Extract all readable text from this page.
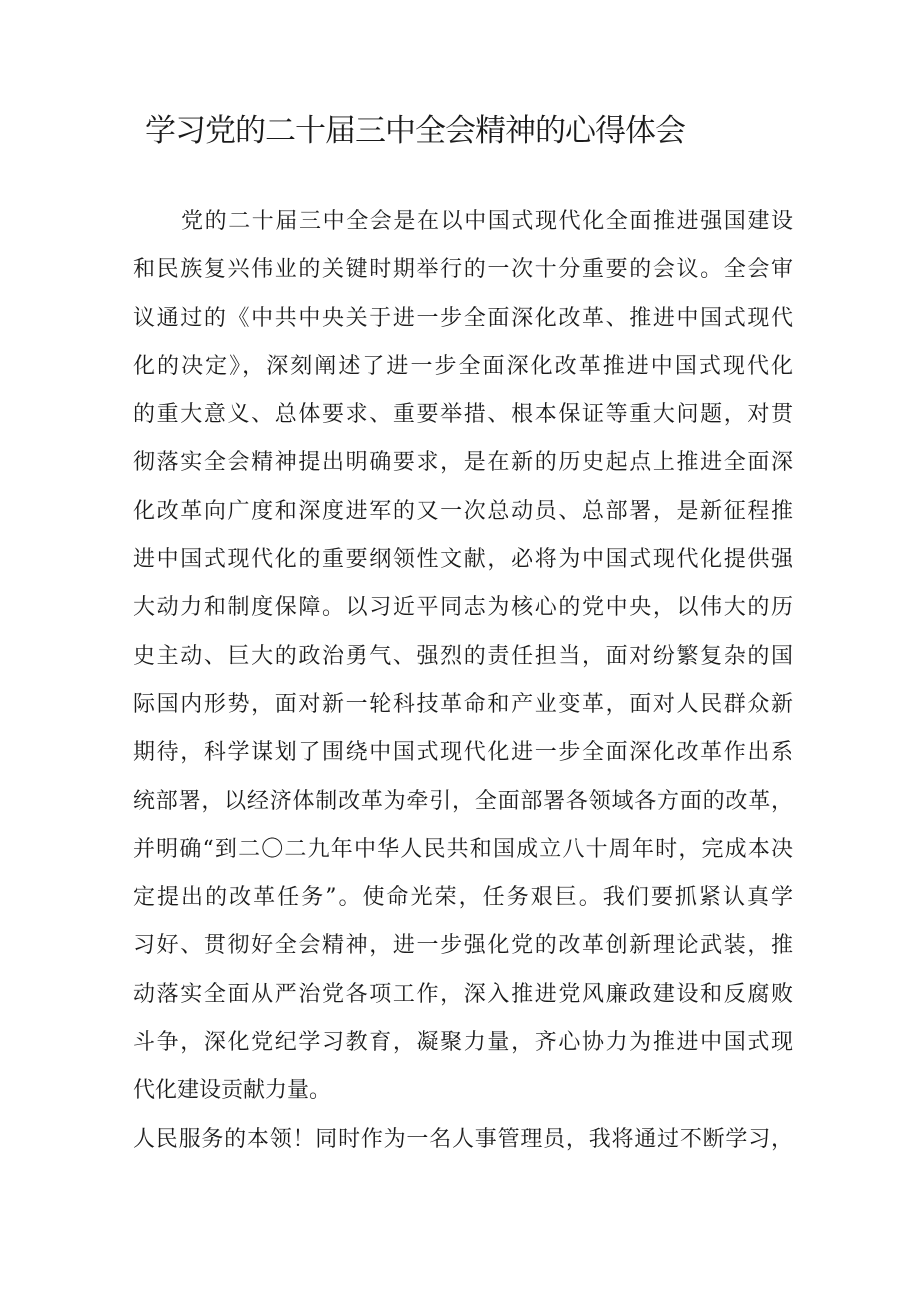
学习党的二十届三中全会精神的心得体会
党的二十届三中全会是在以中国式现代化全面推进强国建设
和民族复兴伟业的关键时期举行的一次十分重要的会议。全会审
议通过的《中共中央关于进一步全面深化改革、推进中国式现代
化的决定》，深刻阐述了进一步全面深化改革推进中国式现代化
的重大意义、总体要求、重要举措、根本保证等重大问题，对贯
彻落实全会精神提出明确要求，是在新的历史起点上推进全面深
化改革向广度和深度进军的又一次总动员、总部署，是新征程推
进中国式现代化的重要纲领性文献，必将为中国式现代化提供强
大动力和制度保障。以习近平同志为核心的党中央，以伟大的历
史主动、巨大的政治勇气、强烈的责任担当，面对纷繁复杂的国
际国内形势，面对新一轮科技革命和产业变革，面对人民群众新
期待，科学谋划了围绕中国式现代化进一步全面深化改革作出系
统部署，以经济体制改革为牵引，全面部署各领域各方面的改革，
并明确“到二〇二九年中华人民共和国成立八十周年时，完成本决
定提出的改革任务”。使命光荣，任务艰巨。我们要抓紧认真学
习好、贯彻好全会精神，进一步强化党的改革创新理论武装，推
动落实全面从严治党各项工作，深入推进党风廉政建设和反腐败
斗争，深化党纪学习教育，凝聚力量，齐心协力为推进中国式现
代化建设贡献力量。
人民服务的本领！同时作为一名人事管理员，我将通过不断学习，
